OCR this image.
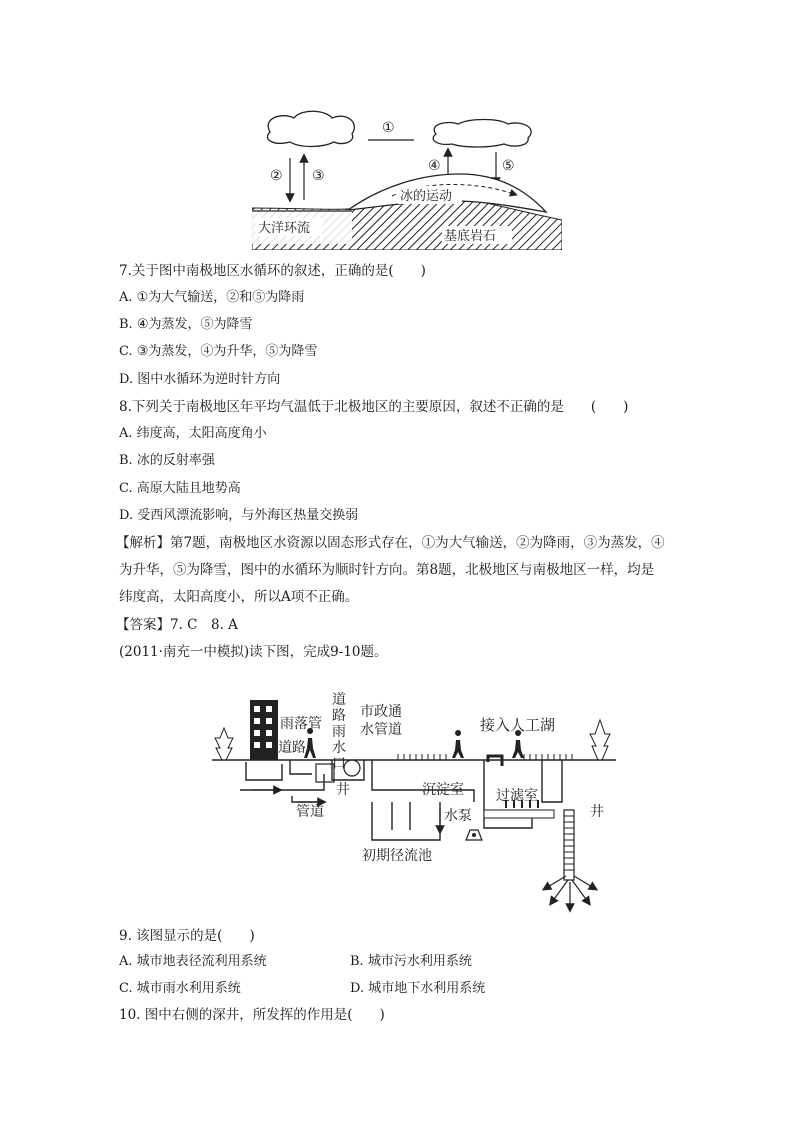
①
② ③
④	⑤
冰的运动
大洋环流
基底岩石
7.关于图中南极地区水循环的叙述，正确的是(　　)
A. ①为大气输送，②和⑤为降雨
B. ④为蒸发，⑤为降雪
C. ③为蒸发，④为升华，⑤为降雪
D. 图中水循环为逆时针方向
8.下列关于南极地区年平均气温低于北极地区的主要原因，叙述不正确的是　　(　　)
A. 纬度高，太阳高度角小
B. 冰的反射率强
C. 高原大陆且地势高
D. 受西风漂流影响，与外海区热量交换弱
【解析】第7题，南极地区水资源以固态形式存在，①为大气输送，②为降雨，③为蒸发，④
为升华，⑤为降雪，图中的水循环为顺时针方向。第8题，北极地区与南极地区一样，均是
纬度高，太阳高度小，所以A项不正确。
【答案】7. C　8. A
(2011·南充一中模拟)读下图，完成9-10题。
道
路
雨
水
口
雨落管
道路
市政通
水管道	接入人工湖
井
管道
沉淀室
水泵
过滤室
井
初期径流池
9. 该图显示的是(　　)
A. 城市地表径流利用系统	B. 城市污水利用系统
C. 城市雨水利用系统	D. 城市地下水利用系统
10. 图中右侧的深井，所发挥的作用是(　　)
